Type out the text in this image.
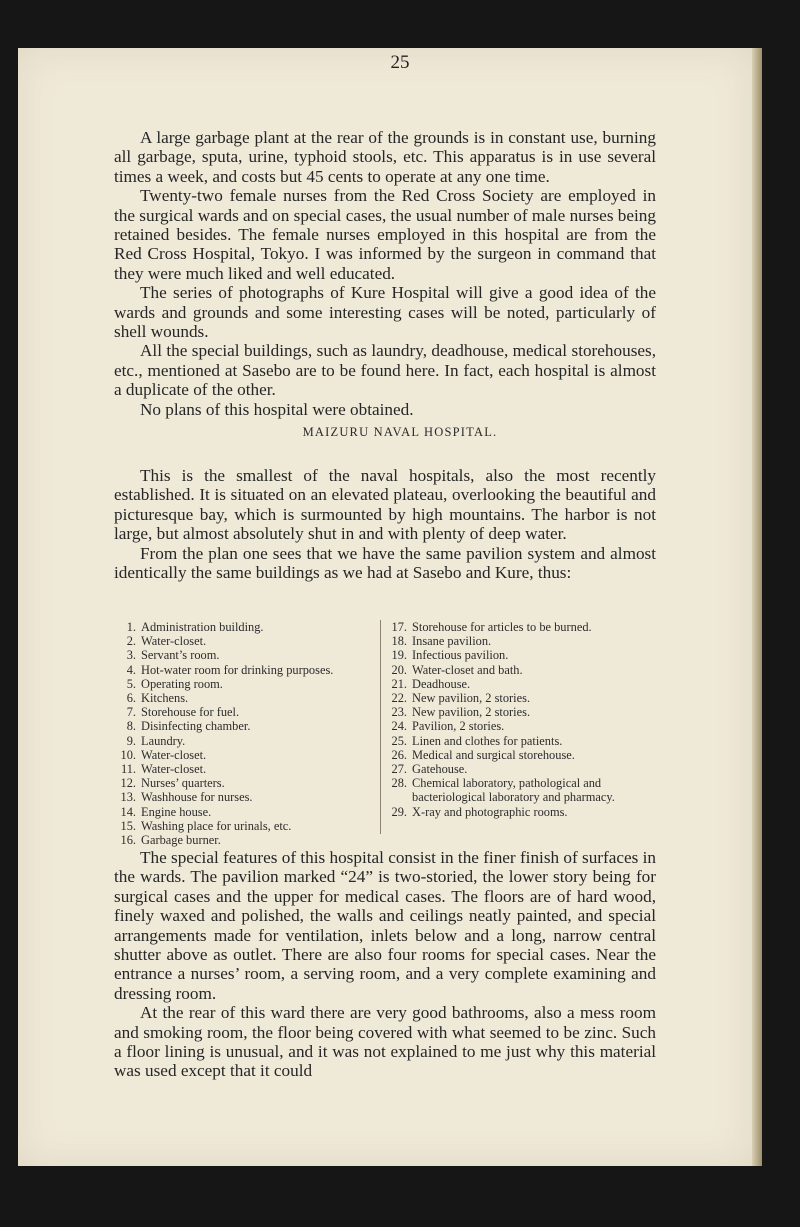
25

A large garbage plant at the rear of the grounds is in constant use, burning all garbage, sputa, urine, typhoid stools, etc. This apparatus is in use several times a week, and costs but 45 cents to operate at any one time.

Twenty-two female nurses from the Red Cross Society are employed in the surgical wards and on special cases, the usual number of male nurses being retained besides. The female nurses employed in this hospital are from the Red Cross Hospital, Tokyo. I was informed by the surgeon in command that they were much liked and well educated.

The series of photographs of Kure Hospital will give a good idea of the wards and grounds and some interesting cases will be noted, particularly of shell wounds.

All the special buildings, such as laundry, deadhouse, medical storehouses, etc., mentioned at Sasebo are to be found here. In fact, each hospital is almost a duplicate of the other.

No plans of this hospital were obtained.

MAIZURU NAVAL HOSPITAL.

This is the smallest of the naval hospitals, also the most recently established. It is situated on an elevated plateau, overlooking the beautiful and picturesque bay, which is surmounted by high mountains. The harbor is not large, but almost absolutely shut in and with plenty of deep water.

From the plan one sees that we have the same pavilion system and almost identically the same buildings as we had at Sasebo and Kure, thus:

1. Administration building.
2. Water-closet.
3. Servant’s room.
4. Hot-water room for drinking purposes.
5. Operating room.
6. Kitchens.
7. Storehouse for fuel.
8. Disinfecting chamber.
9. Laundry.
10. Water-closet.
11. Water-closet.
12. Nurses’ quarters.
13. Washhouse for nurses.
14. Engine house.
15. Washing place for urinals, etc.
16. Garbage burner.
17. Storehouse for articles to be burned.
18. Insane pavilion.
19. Infectious pavilion.
20. Water-closet and bath.
21. Deadhouse.
22. New pavilion, 2 stories.
23. New pavilion, 2 stories.
24. Pavilion, 2 stories.
25. Linen and clothes for patients.
26. Medical and surgical storehouse.
27. Gatehouse.
28. Chemical laboratory, pathological and bacteriological laboratory and pharmacy.
29. X-ray and photographic rooms.

The special features of this hospital consist in the finer finish of surfaces in the wards. The pavilion marked “24” is two-storied, the lower story being for surgical cases and the upper for medical cases. The floors are of hard wood, finely waxed and polished, the walls and ceilings neatly painted, and special arrangements made for ventilation, inlets below and a long, narrow central shutter above as outlet. There are also four rooms for special cases. Near the entrance a nurses’ room, a serving room, and a very complete examining and dressing room.

At the rear of this ward there are very good bathrooms, also a mess room and smoking room, the floor being covered with what seemed to be zinc. Such a floor lining is unusual, and it was not explained to me just why this material was used except that it could
